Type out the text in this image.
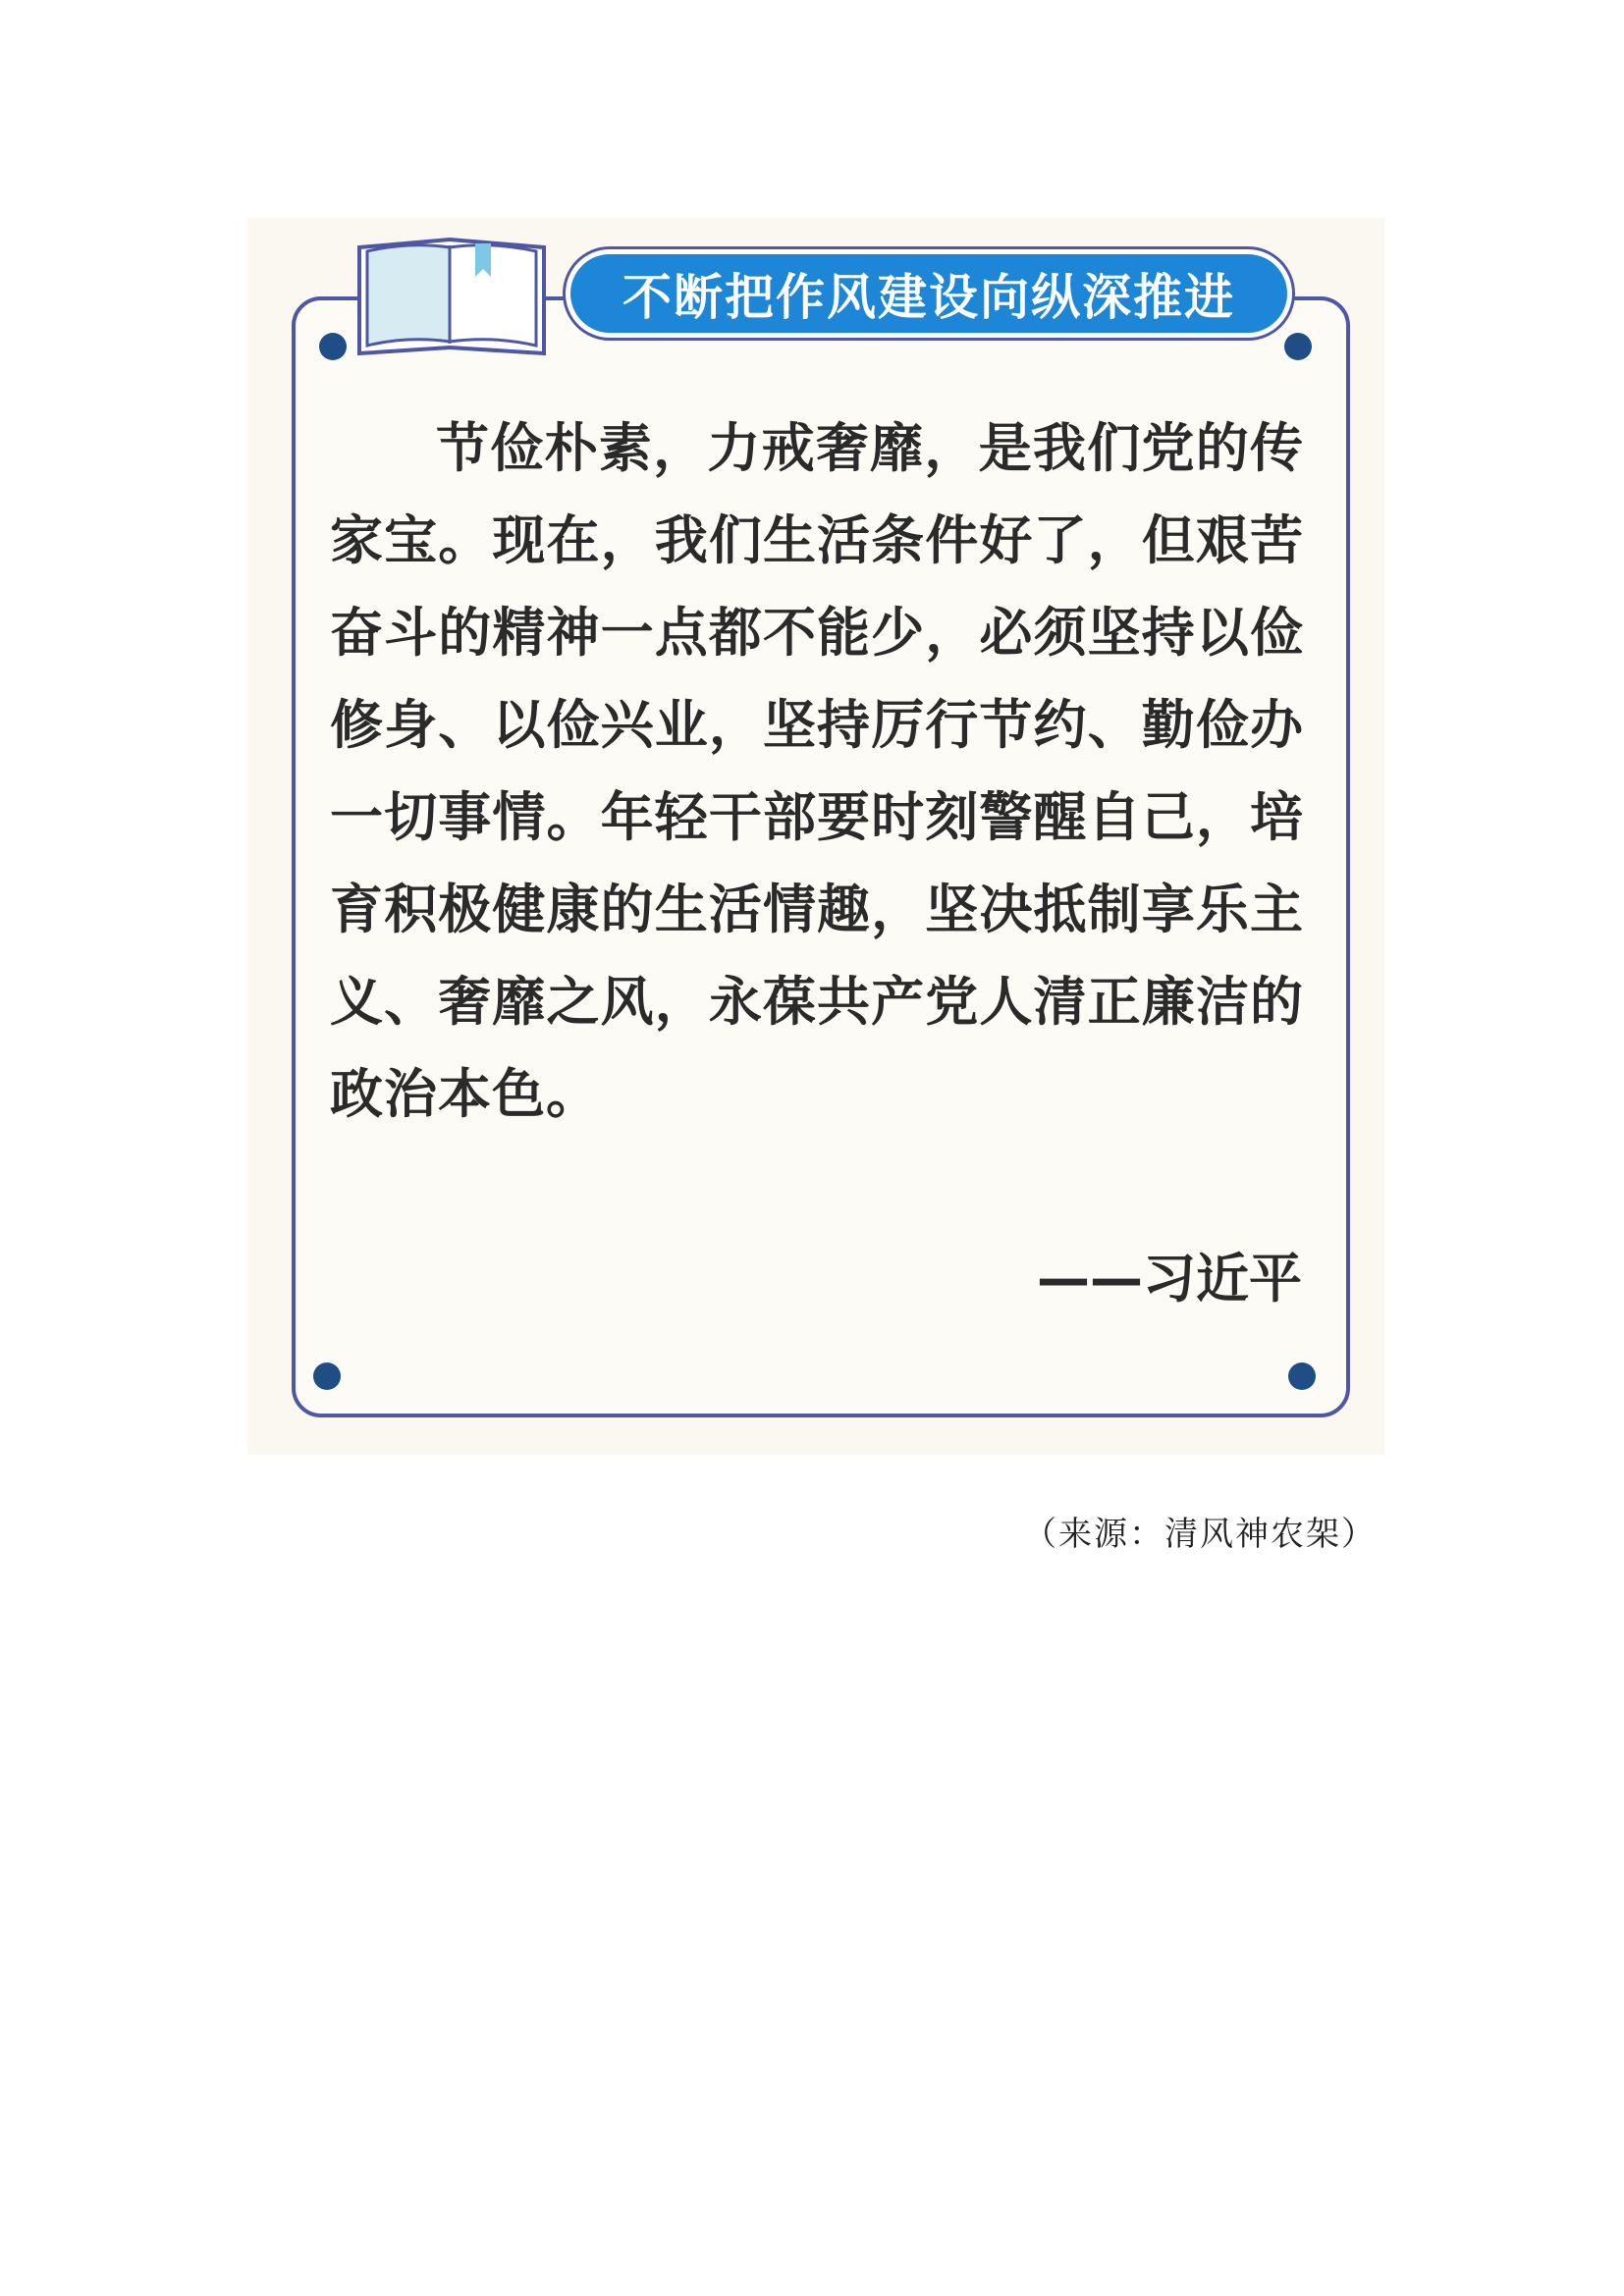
不断把作风建设向纵深推进
节俭朴素，力戒奢靡，是我们党的传家宝。现在，我们生活条件好了，但艰苦奋斗的精神一点都不能少，必须坚持以俭修身、以俭兴业，坚持厉行节约、勤俭办一切事情。年轻干部要时刻警醒自己，培育积极健康的生活情趣，坚决抵制享乐主义、奢靡之风，永葆共产党人清正廉洁的政治本色。
——习近平
（来源：清风神农架）
